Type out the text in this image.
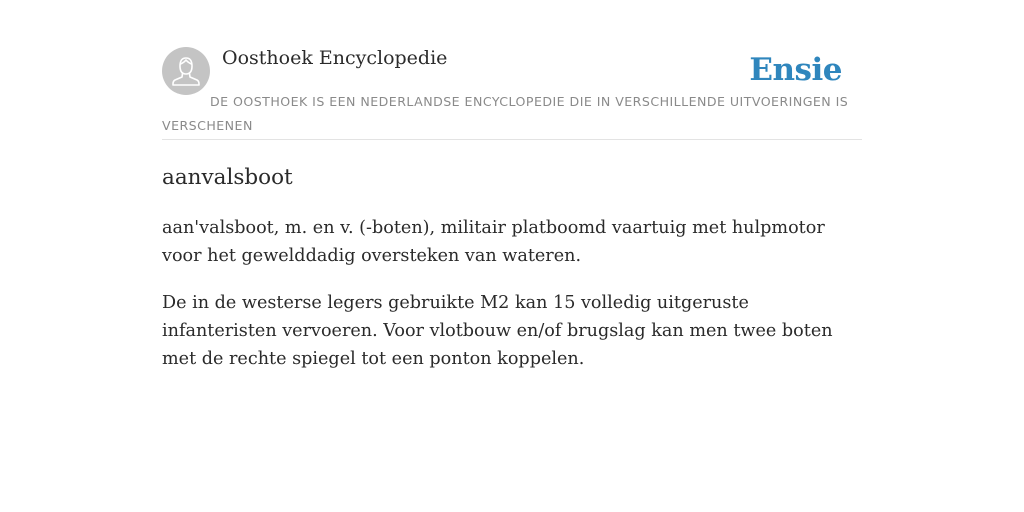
Oosthoek Encyclopedie	Ensie
DE OOSTHOEK IS EEN NEDERLANDSE ENCYCLOPEDIE DIE IN VERSCHILLENDE UITVOERINGEN IS VERSCHENEN
aanvalsboot

aan'valsboot, m. en v. (-boten), militair platboomd vaartuig met hulpmotor voor het gewelddadig oversteken van wateren.

De in de westerse legers gebruikte M2 kan 15 volledig uitgeruste infanteristen vervoeren. Voor vlotbouw en/of brugslag kan men twee boten met de rechte spiegel tot een ponton koppelen.
